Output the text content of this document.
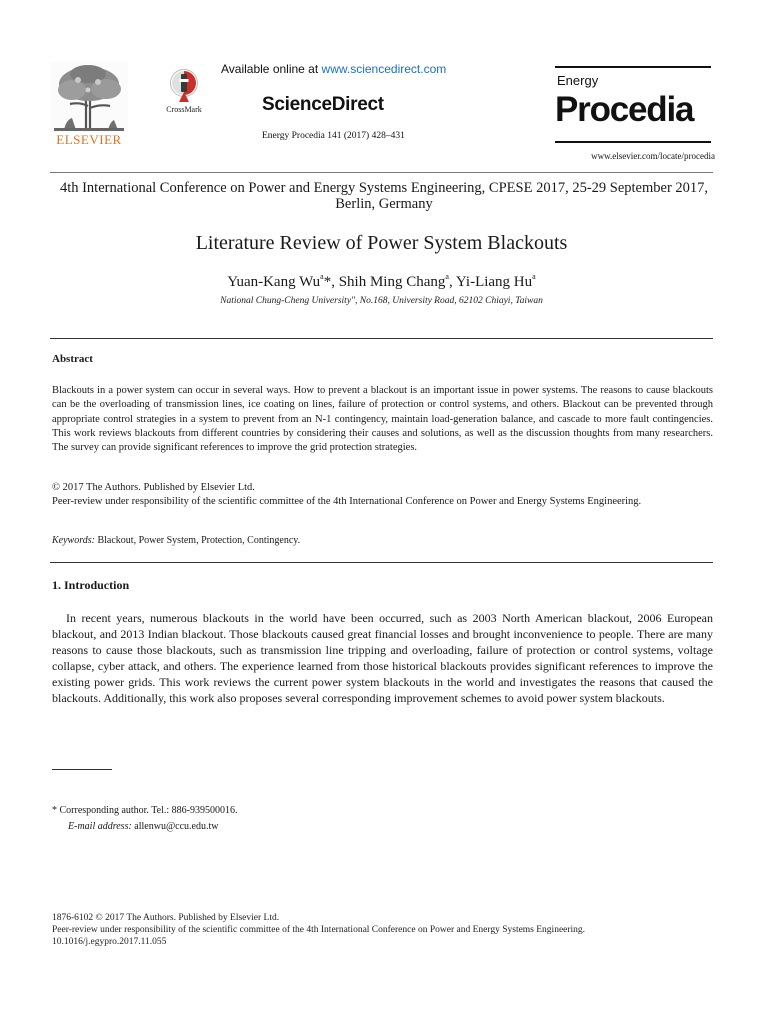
ELSEVIER
CrossMark
Available online at www.sciencedirect.com
ScienceDirect
Energy Procedia 141 (2017) 428–431
Energy
Procedia
www.elsevier.com/locate/procedia
4th International Conference on Power and Energy Systems Engineering, CPESE 2017, 25-29 September 2017, Berlin, Germany
Literature Review of Power System Blackouts
Yuan-Kang Wu$^a$*, Shih Ming Chang$^a$, Yi-Liang Hu$^a$
National Chung-Cheng University", No.168, University Road, 62102 Chiayi, Taiwan
Abstract
Blackouts in a power system can occur in several ways. How to prevent a blackout is an important issue in power systems. The reasons to cause blackouts can be the overloading of transmission lines, ice coating on lines, failure of protection or control systems, and others. Blackout can be prevented through appropriate control strategies in a system to prevent from an N-1 contingency, maintain load-generation balance, and cascade to more fault contingencies. This work reviews blackouts from different countries by considering their causes and solutions, as well as the discussion thoughts from many researchers. The survey can provide significant references to improve the grid protection strategies.
© 2017 The Authors. Published by Elsevier Ltd.
Peer-review under responsibility of the scientific committee of the 4th International Conference on Power and Energy Systems Engineering.
Keywords: Blackout, Power System, Protection, Contingency.
1. Introduction
In recent years, numerous blackouts in the world have been occurred, such as 2003 North American blackout, 2006 European blackout, and 2013 Indian blackout. Those blackouts caused great financial losses and brought inconvenience to people. There are many reasons to cause those blackouts, such as transmission line tripping and overloading, failure of protection or control systems, voltage collapse, cyber attack, and others. The experience learned from those historical blackouts provides significant references to improve the existing power grids. This work reviews the current power system blackouts in the world and investigates the reasons that caused the blackouts. Additionally, this work also proposes several corresponding improvement schemes to avoid power system blackouts.
* Corresponding author. Tel.: 886-939500016.
E-mail address: allenwu@ccu.edu.tw
1876-6102 © 2017 The Authors. Published by Elsevier Ltd.
Peer-review under responsibility of the scientific committee of the 4th International Conference on Power and Energy Systems Engineering.
10.1016/j.egypro.2017.11.055
